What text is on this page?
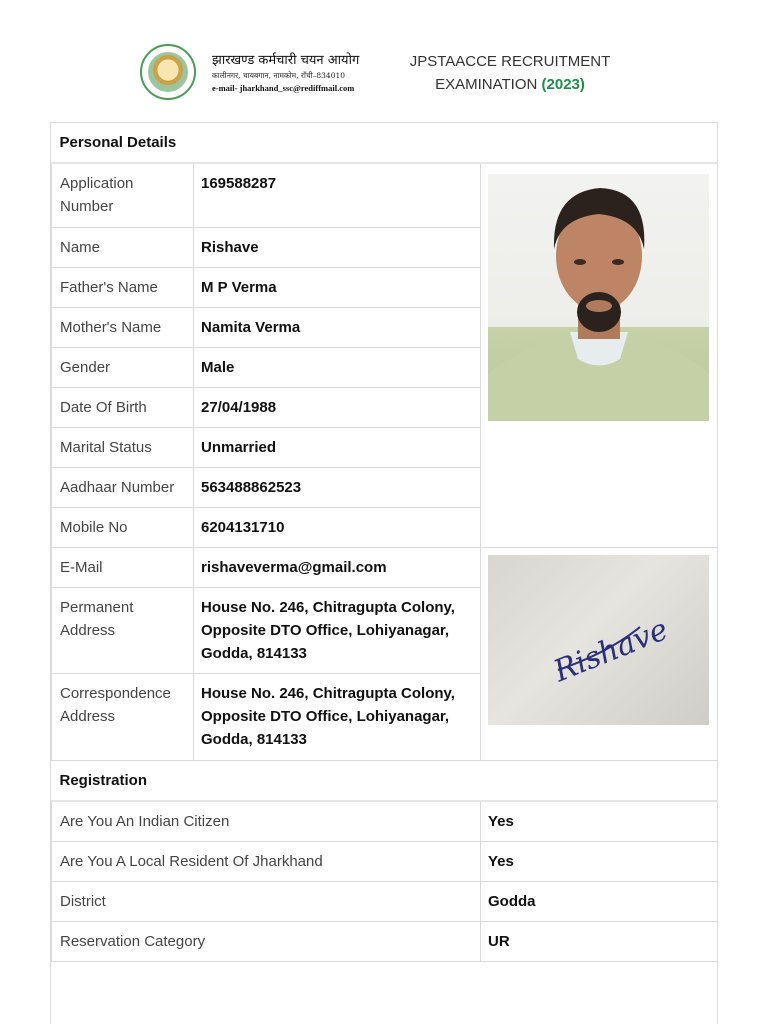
झारखण्ड कर्मचारी चयन आयोग
कालीनगर, चायबगान, नामकोम, राँची–834010
e-mail- jharkhand_ssc@rediffmail.com
JPSTAACCE RECRUITMENT
EXAMINATION (2023)
Personal Details		
Application
Number	169588287	

Name	Rishave	
Father's Name	M P Verma	
Mother's Name	Namita Verma	
Gender	Male	
Date Of Birth	27/04/1988	
Marital Status	Unmarried	
Aadhaar Number	563488862523	
Mobile No	6204131710	
E-Mail	rishaveverma@gmail.com	Rishave

Permanent
Address	House No. 246, Chitragupta Colony,
Opposite DTO Office, Lohiyanagar,
Godda, 814133	
Correspondence
Address	House No. 246, Chitragupta Colony,
Opposite DTO Office, Lohiyanagar,
Godda, 814133	
Registration	
Are You An Indian Citizen	Yes
Are You A Local Resident Of Jharkhand	Yes
District	Godda
Reservation Category	UR
